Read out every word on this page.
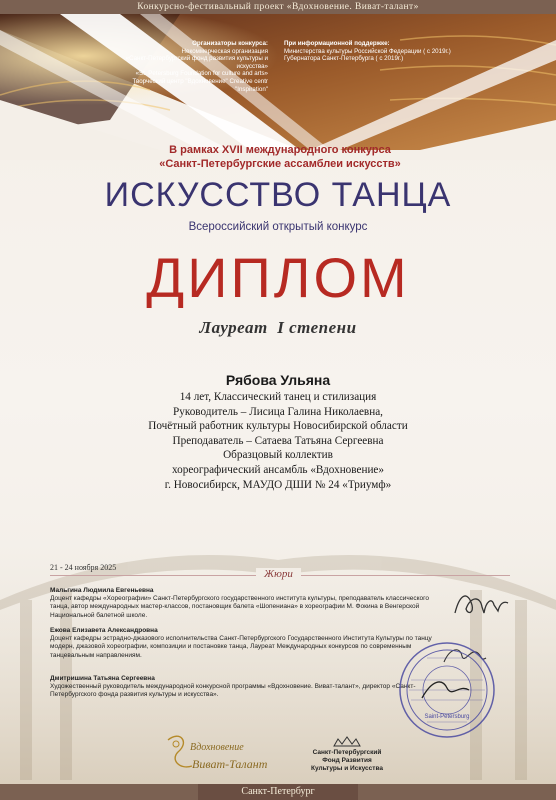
Конкурсно-фестивальный проект «Вдохновение. Виват-талант»
Организаторы конкурса:
Некоммерческая организация
«Санкт-Петербургский фонд развития культуры и искусства»
«St. Petersburg Foundation for culture and arts»
Творческий центр "Вдохновение" Creative centr "Inspiration"
При информационной поддержке:
Министерства культуры Российской Федерации ( с 2019г.)
Губернатора Санкт-Петербурга ( с 2019г.)
В рамках XVII международного конкурса
«Санкт-Петербургские ассамблеи искусств»
ИСКУССТВО ТАНЦА
Всероссийский открытый конкурс
ДИПЛОМ
Лауреат  I степени
Рябова Ульяна
14 лет, Классический танец и стилизация
Руководитель – Лисица Галина Николаевна,
Почётный работник культуры Новосибирской области
Преподаватель – Сатаева Татьяна Сергеевна
Образцовый коллектив
хореографический ансамбль «Вдохновение»
г. Новосибирск, МАУДО ДШИ № 24 «Триумф»
21 - 24 ноября 2025
Жюри
Мальгина Людмила Евгеньевна
Доцент кафедры «Хореографии» Санкт-Петербургского государственного института культуры, преподаватель классического танца, автор международных мастер-классов, постановщик балета «Шопениана» в хореографии М. Фокина в Венгерской Национальной балетной школе.
Ежова Елизавета Александровна
Доцент кафедры эстрадно-джазового исполнительства Санкт-Петербургского Государственного Института Культуры по танцу модерн, джазовой хореографии, композиции и постановке танца, Лауреат Международных конкурсов по современным танцевальным направлениям.
Дмитришина Татьяна Сергеевна
Художественный руководитель международной конкурсной программы «Вдохновение. Виват-талант», директор «Санкт-Петербургского фонда развития культуры и искусства».
Saint-Petersburg
Вдохновение
Виват-Талант
Санкт-Петербургский
Фонд Развития
Культуры и Искусства
Санкт-Петербург
